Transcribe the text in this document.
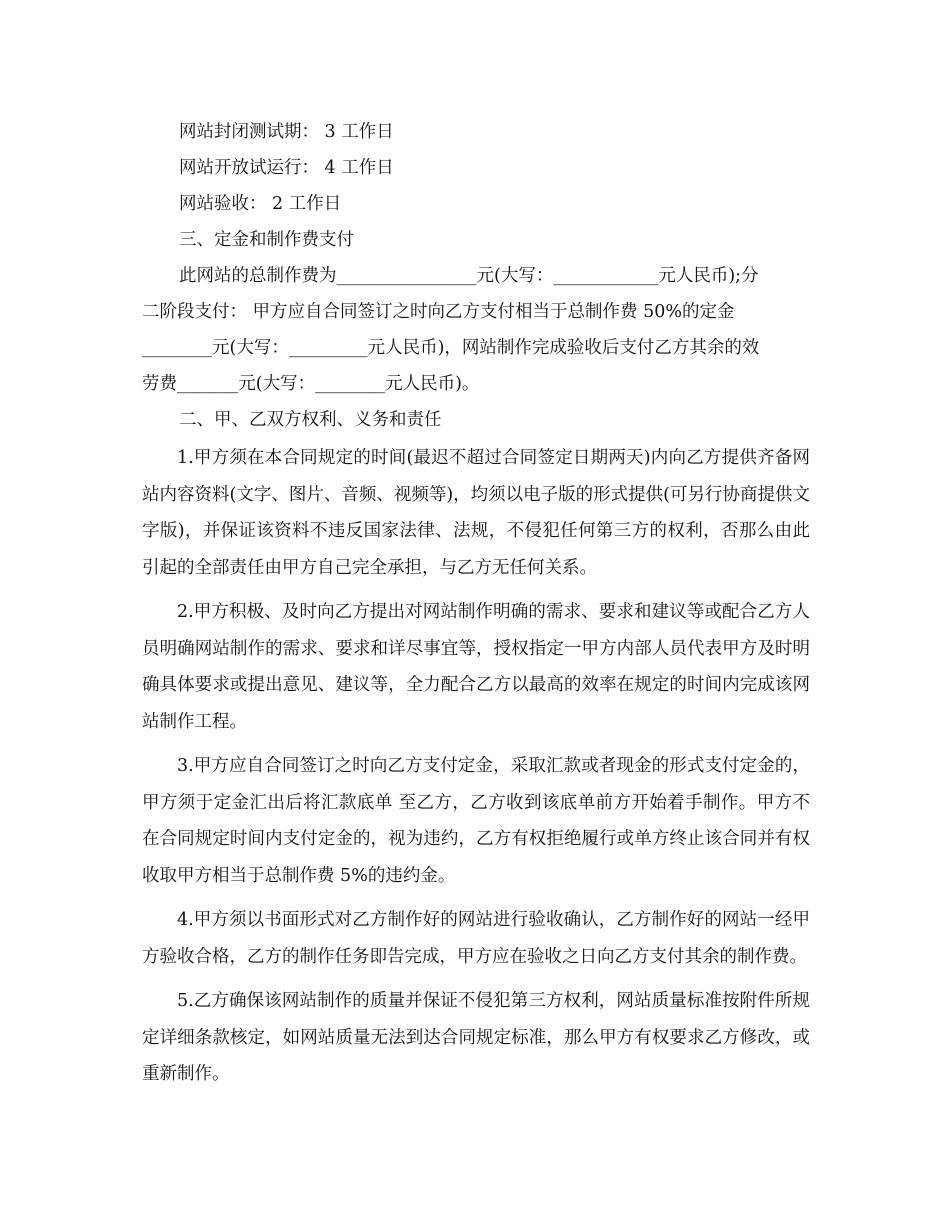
网站封闭测试期： 3 工作日
网站开放试运行： 4 工作日
网站验收： 2 工作日
三、定金和制作费支付
此网站的总制作费为________________元(大写：____________元人民币);分
二阶段支付： 甲方应自合同签订之时向乙方支付相当于总制作费 50%的定金
________元(大写：_________元人民币)，网站制作完成验收后支付乙方其余的效
劳费_______元(大写：________元人民币)。
二、甲、乙双方权利、义务和责任

1.甲方须在本合同规定的时间(最迟不超过合同签定日期两天)内向乙方提供齐备网站内容资料(文字、图片、音频、视频等)，均须以电子版的形式提供(可另行协商提供文字版)，并保证该资料不违反国家法律、法规，不侵犯任何第三方的权利，否那么由此引起的全部责任由甲方自己完全承担，与乙方无任何关系。

2.甲方积极、及时向乙方提出对网站制作明确的需求、要求和建议等或配合乙方人员明确网站制作的需求、要求和详尽事宜等，授权指定一甲方内部人员代表甲方及时明确具体要求或提出意见、建议等，全力配合乙方以最高的效率在规定的时间内完成该网站制作工程。

3.甲方应自合同签订之时向乙方支付定金，采取汇款或者现金的形式支付定金的，甲方须于定金汇出后将汇款底单 至乙方，乙方收到该底单前方开始着手制作。甲方不在合同规定时间内支付定金的，视为违约，乙方有权拒绝履行或单方终止该合同并有权收取甲方相当于总制作费 5%的违约金。

4.甲方须以书面形式对乙方制作好的网站进行验收确认，乙方制作好的网站一经甲方验收合格，乙方的制作任务即告完成，甲方应在验收之日向乙方支付其余的制作费。

5.乙方确保该网站制作的质量并保证不侵犯第三方权利，网站质量标准按附件所规定详细条款核定，如网站质量无法到达合同规定标准，那么甲方有权要求乙方修改，或重新制作。
